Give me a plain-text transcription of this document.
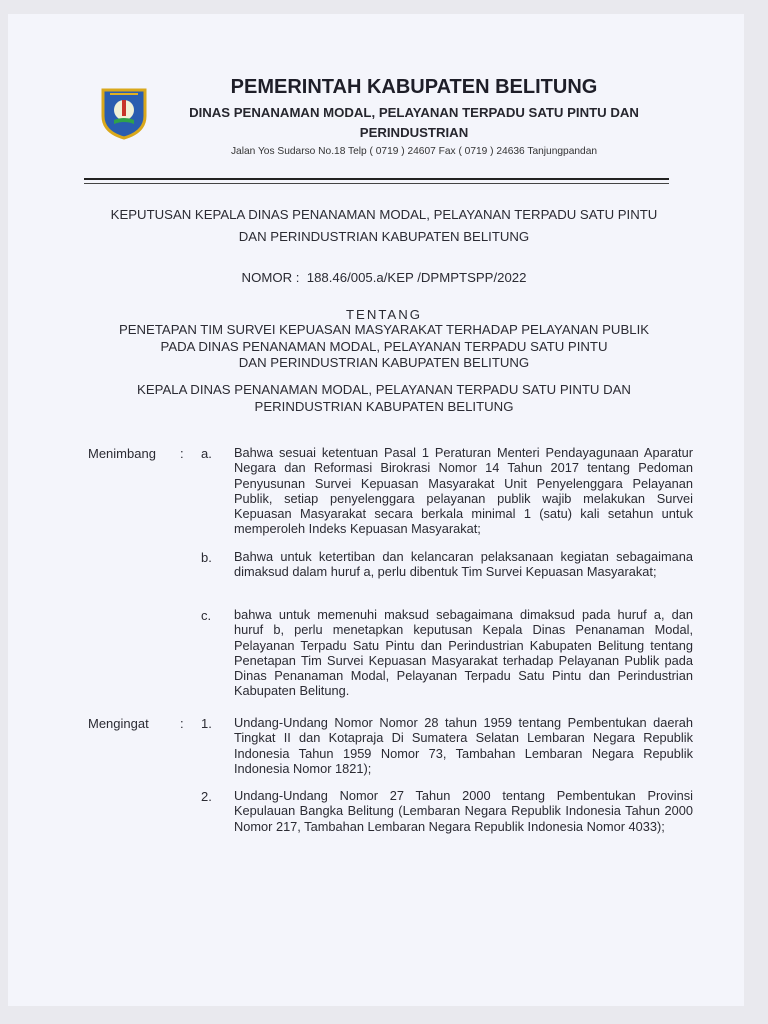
PEMERINTAH KABUPATEN BELITUNG
DINAS PENANAMAN MODAL, PELAYANAN TERPADU SATU PINTU DAN
PERINDUSTRIAN
Jalan Yos Sudarso No.18 Telp ( 0719 ) 24607 Fax ( 0719 ) 24636 Tanjungpandan
KEPUTUSAN KEPALA DINAS PENANAMAN MODAL, PELAYANAN TERPADU SATU PINTU
DAN PERINDUSTRIAN KABUPATEN BELITUNG
NOMOR : 188.46/005.a/KEP /DPMPTSPP/2022
TENTANG
PENETAPAN TIM SURVEI KEPUASAN MASYARAKAT TERHADAP PELAYANAN PUBLIK
PADA DINAS PENANAMAN MODAL, PELAYANAN TERPADU SATU PINTU
DAN PERINDUSTRIAN KABUPATEN BELITUNG
KEPALA DINAS PENANAMAN MODAL, PELAYANAN TERPADU SATU PINTU DAN
PERINDUSTRIAN KABUPATEN BELITUNG
Menimbang : a. Bahwa sesuai ketentuan Pasal 1 Peraturan Menteri Pendayagunaan Aparatur Negara dan Reformasi Birokrasi Nomor 14 Tahun 2017 tentang Pedoman Penyusunan Survei Kepuasan Masyarakat Unit Penyelenggara Pelayanan Publik, setiap penyelenggara pelayanan publik wajib melakukan Survei Kepuasan Masyarakat secara berkala minimal 1 (satu) kali setahun untuk memperoleh Indeks Kepuasan Masyarakat;
b. Bahwa untuk ketertiban dan kelancaran pelaksanaan kegiatan sebagaimana dimaksud dalam huruf a, perlu dibentuk Tim Survei Kepuasan Masyarakat;
c. bahwa untuk memenuhi maksud sebagaimana dimaksud pada huruf a, dan huruf b, perlu menetapkan keputusan Kepala Dinas Penanaman Modal, Pelayanan Terpadu Satu Pintu dan Perindustrian Kabupaten Belitung tentang Penetapan Tim Survei Kepuasan Masyarakat terhadap Pelayanan Publik pada Dinas Penanaman Modal, Pelayanan Terpadu Satu Pintu dan Perindustrian Kabupaten Belitung.
Mengingat : 1. Undang-Undang Nomor Nomor 28 tahun 1959 tentang Pembentukan daerah Tingkat II dan Kotapraja Di Sumatera Selatan Lembaran Negara Republik Indonesia Tahun 1959 Nomor 73, Tambahan Lembaran Negara Republik Indonesia Nomor 1821);
2. Undang-Undang Nomor 27 Tahun 2000 tentang Pembentukan Provinsi Kepulauan Bangka Belitung (Lembaran Negara Republik Indonesia Tahun 2000 Nomor 217, Tambahan Lembaran Negara Republik Indonesia Nomor 4033);
